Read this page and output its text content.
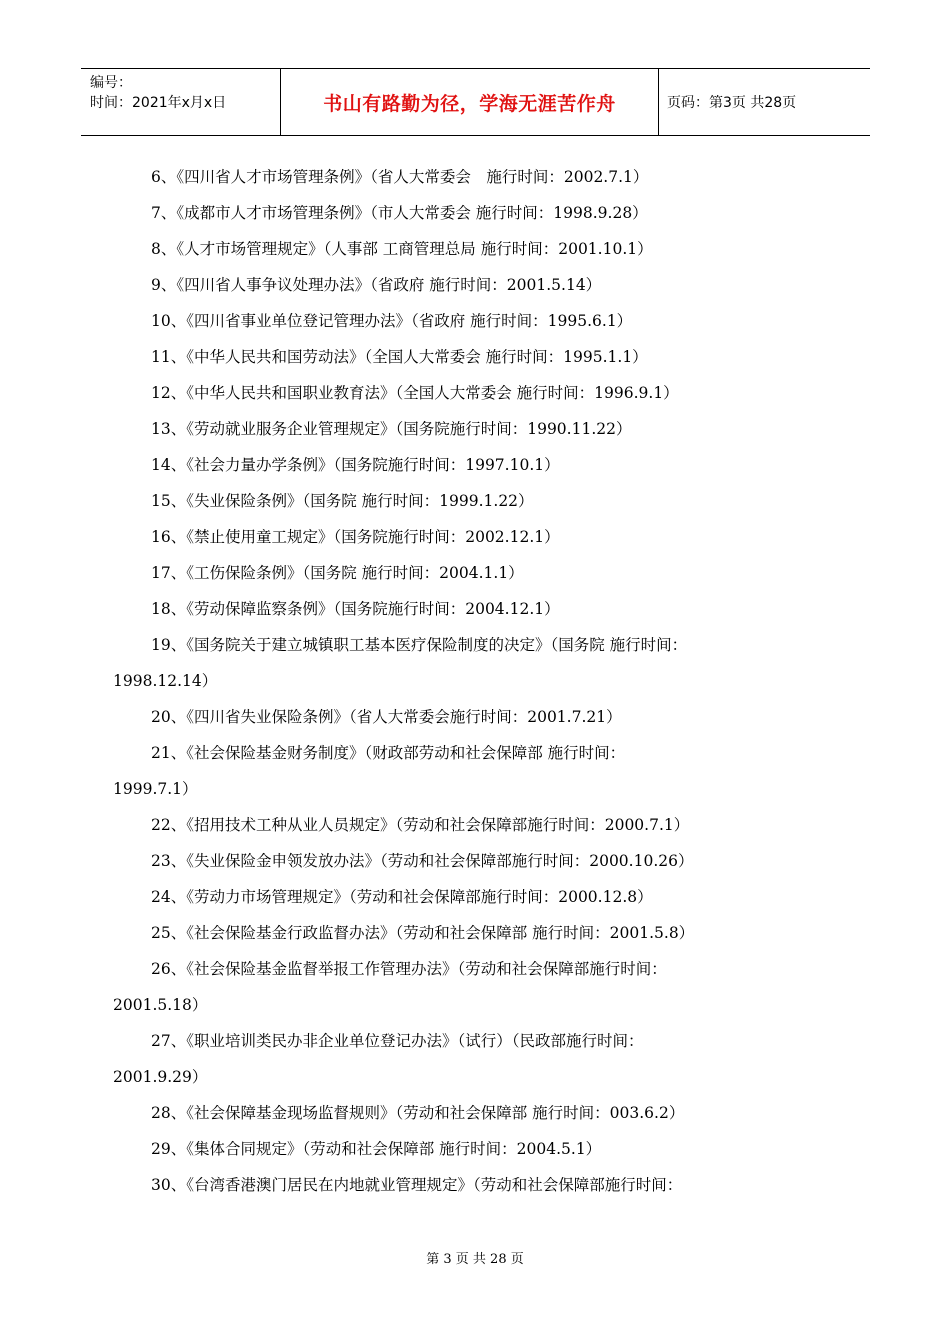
编号：
时间：2021年x月x日	书山有路勤为径，学海无涯苦作舟	页码：第3页 共28页
6、《四川省人才市场管理条例》（省人大常委会　施行时间：2002.7.1）
7、《成都市人才市场管理条例》（市人大常委会 施行时间：1998.9.28）
8、《人才市场管理规定》（人事部 工商管理总局 施行时间：2001.10.1）
9、《四川省人事争议处理办法》（省政府 施行时间：2001.5.14）
10、《四川省事业单位登记管理办法》（省政府 施行时间：1995.6.1）
11、《中华人民共和国劳动法》（全国人大常委会 施行时间：1995.1.1）
12、《中华人民共和国职业教育法》（全国人大常委会 施行时间：1996.9.1）
13、《劳动就业服务企业管理规定》（国务院施行时间：1990.11.22）
14、《社会力量办学条例》（国务院施行时间：1997.10.1）
15、《失业保险条例》（国务院 施行时间：1999.1.22）
16、《禁止使用童工规定》（国务院施行时间：2002.12.1）
17、《工伤保险条例》（国务院 施行时间：2004.1.1）
18、《劳动保障监察条例》（国务院施行时间：2004.12.1）
19、《国务院关于建立城镇职工基本医疗保险制度的决定》（国务院 施行时间：
1998.12.14）
20、《四川省失业保险条例》（省人大常委会施行时间：2001.7.21）
21、《社会保险基金财务制度》（财政部劳动和社会保障部 施行时间：
1999.7.1）
22、《招用技术工种从业人员规定》（劳动和社会保障部施行时间：2000.7.1）
23、《失业保险金申领发放办法》（劳动和社会保障部施行时间：2000.10.26）
24、《劳动力市场管理规定》（劳动和社会保障部施行时间：2000.12.8）
25、《社会保险基金行政监督办法》（劳动和社会保障部 施行时间：2001.5.8）
26、《社会保险基金监督举报工作管理办法》（劳动和社会保障部施行时间：
2001.5.18）
27、《职业培训类民办非企业单位登记办法》（试行）（民政部施行时间：
2001.9.29）
28、《社会保障基金现场监督规则》（劳动和社会保障部 施行时间：003.6.2）
29、《集体合同规定》（劳动和社会保障部 施行时间：2004.5.1）
30、《台湾香港澳门居民在内地就业管理规定》（劳动和社会保障部施行时间：
第 3 页 共 28 页
